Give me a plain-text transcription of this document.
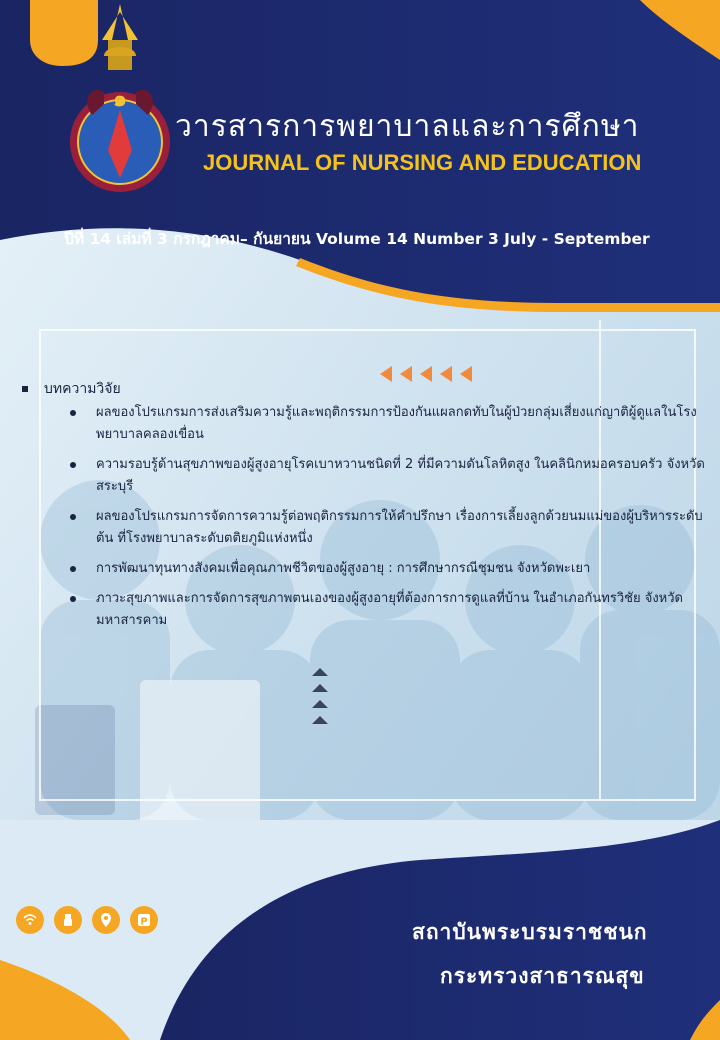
๑
วารสารการพยาบาลและการศึกษา
JOURNAL OF NURSING AND EDUCATION
ปีที่ 14 เล่มที่ 3 กรกฎาคม– กันยายน Volume 14 Number 3 July - September
บทความวิจัย
ผลของโปรแกรมการส่งเสริมความรู้และพฤติกรรมการป้องกันแผลกดทับในผู้ป่วยกลุ่มเสี่ยงแก่ญาติผู้ดูแลในโรงพยาบาลคลองเขื่อน
ความรอบรู้ด้านสุขภาพของผู้สูงอายุโรคเบาหวานชนิดที่ 2 ที่มีความดันโลหิตสูง ในคลินิกหมอครอบครัว จังหวัดสระบุรี
ผลของโปรแกรมการจัดการความรู้ต่อพฤติกรรมการให้คำปรึกษา เรื่องการเลี้ยงลูกด้วยนมแม่ของผู้บริหารระดับต้น ที่โรงพยาบาลระดับตติยภูมิแห่งหนึ่ง
การพัฒนาทุนทางสังคมเพื่อคุณภาพชีวิตของผู้สูงอายุ : การศึกษากรณีชุมชน จังหวัดพะเยา
ภาวะสุขภาพและการจัดการสุขภาพตนเองของผู้สูงอายุที่ต้องการการดูแลที่บ้าน ในอำเภอกันทรวิชัย จังหวัดมหาสารคาม
P	สถาบันพระบรมราชชนก
กระทรวงสาธารณสุข
